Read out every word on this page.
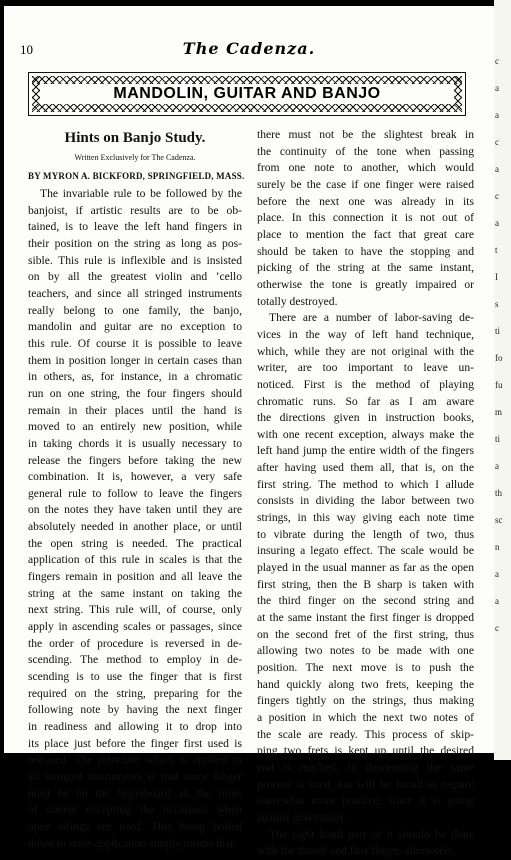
10	The Cadenza.
MANDOLIN, GUITAR AND BANJO
Hints on Banjo Study.
Written Exclusively for The Cadenza.
BY MYRON A. BICKFORD, SPRINGFIELD, MASS.
The invariable rule to be followed by the
banjoist, if artistic results are to be ob-
tained, is to leave the left hand fingers in
their position on the string as long as pos-
sible. This rule is inflexible and is insisted
on by all the greatest violin and ’cello
teachers, and since all stringed instruments
really belong to one family, the banjo,
mandolin and guitar are no exception to
this rule. Of course it is possible to leave
them in position longer in certain cases than
in others, as, for instance, in a chromatic
run on one string, the four fingers should
remain in their places until the hand is
moved to an entirely new position, while
in taking chords it is usually necessary to
release the fingers before taking the new
combination. It is, however, a very safe
general rule to follow to leave the fingers
on the notes they have taken until they are
absolutely needed in another place, or until
the open string is needed. The practical
application of this rule in scales is that the
fingers remain in position and all leave the
string at the same instant on taking the
next string. This rule will, of course, only
apply in ascending scales or passages, since
the order of procedure is reversed in de-
scending. The method to employ in de-
scending is to use the finger that is first
required on the string, preparing for the
following note by having the next finger
in readiness and allowing it to drop into
its place just before the finger first used is
released. The principle which is applied to
all stringed instruments is that some finger
must be on the fingerboard all the time,
of course excepting the occasions when
open strings are used. This being boiled
down to scale application simply means that
there must not be the slightest break in
the continuity of the tone when passing
from one note to another, which would
surely be the case if one finger were raised
before the next one was already in its
place. In this connection it is not out of
place to mention the fact that great care
should be taken to have the stopping and
picking of the string at the same instant,
otherwise the tone is greatly impaired or
totally destroyed.
There are a number of labor-saving de-
vices in the way of left hand technique,
which, while they are not original with the
writer, are too important to leave un-
noticed. First is the method of playing
chromatic runs. So far as I am aware
the directions given in instruction books,
with one recent exception, always make the
left hand jump the entire width of the fingers
after having used them all, that is, on the
first string. The method to which I allude
consists in dividing the labor between two
strings, in this way giving each note time
to vibrate during the length of two, thus
insuring a legato effect. The scale would be
played in the usual manner as far as the open
first string, then the B sharp is taken with
the third finger on the second string and
at the same instant the first finger is dropped
on the second fret of the first string, thus
allowing two notes to be made with one
position. The next move is to push the
hand quickly along two frets, keeping the
fingers tightly on the strings, thus making
a position in which the next two notes of
the scale are ready. This process of skip-
ping two frets is kept up until the desired
end is reached. In descending the same
process is used, but will be found to require
somewhat more practice, since it is going
against gravitation.
The right hand part of it should be done
with the thumb and first finger, alternately,
c
a
a
c
a
c
a
t
I
s
ti
fo
fu
m
ti
a
th
sc
n
a
a
c
